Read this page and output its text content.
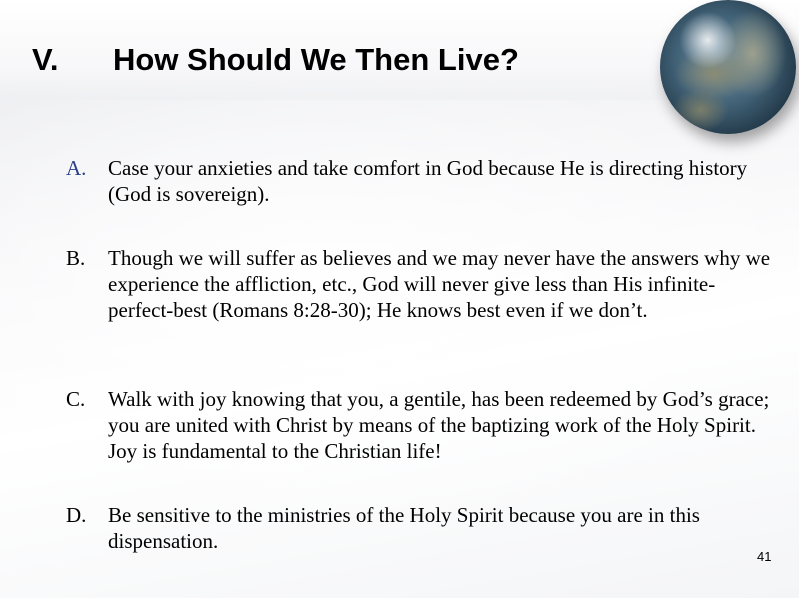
V. How Should We Then Live?
A. Case your anxieties and take comfort in God because He is directing history (God is sovereign).
B. Though we will suffer as believes and we may never have the answers why we experience the affliction, etc., God will never give less than His infinite-perfect-best (Romans 8:28-30); He knows best even if we don’t.
C. Walk with joy knowing that you, a gentile, has been redeemed by God’s grace; you are united with Christ by means of the baptizing work of the Holy Spirit. Joy is fundamental to the Christian life!
D. Be sensitive to the ministries of the Holy Spirit because you are in this dispensation.
41
